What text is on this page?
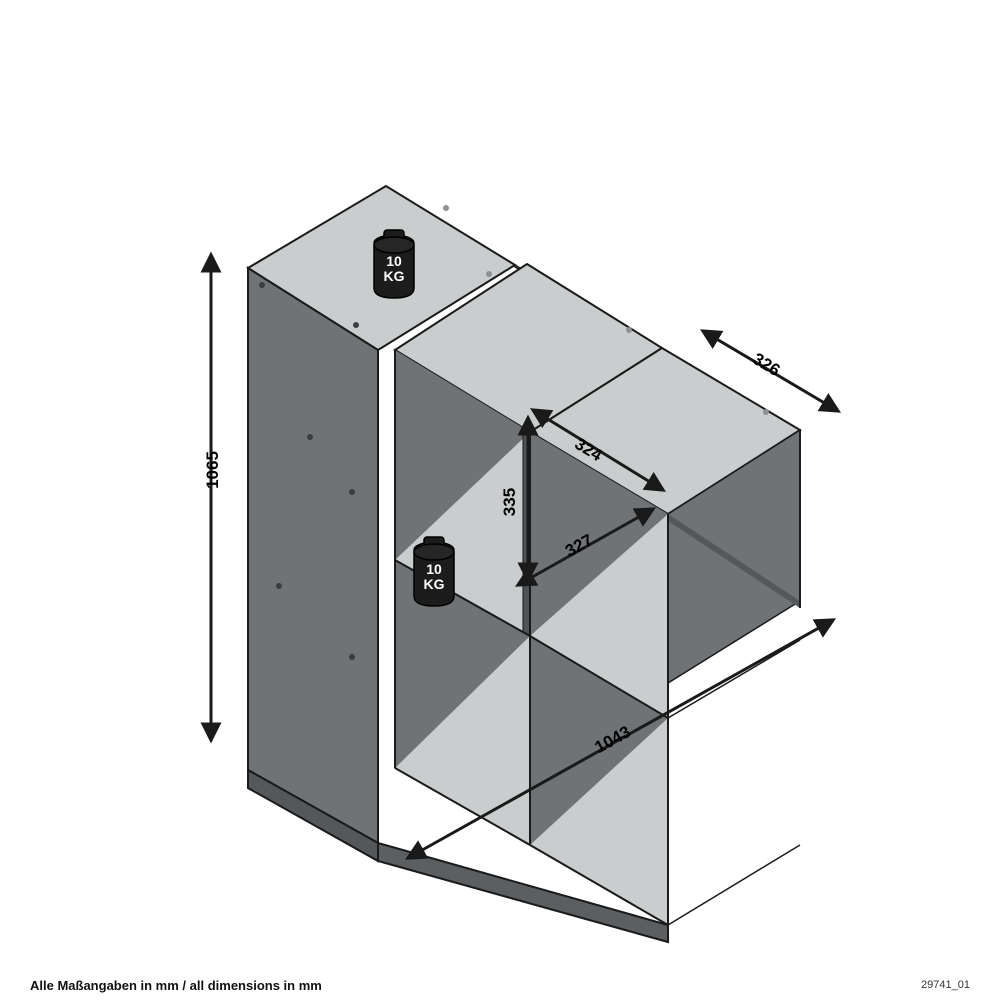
1065
1043
326
324
335
327
10
KG
10
KG
Alle Maßangaben in mm / all dimensions in mm	29741_01
